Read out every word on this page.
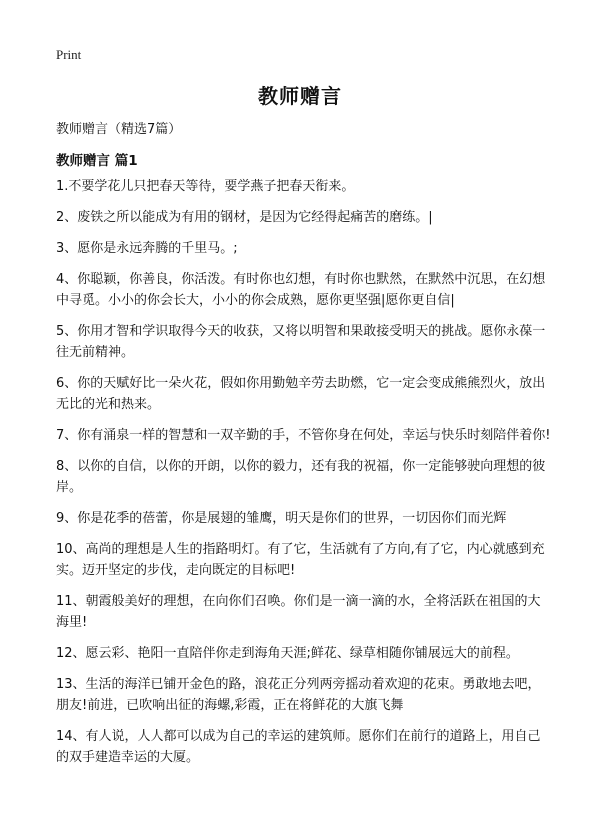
Print
教师赠言

教师赠言（精选7篇）

教师赠言 篇1
1.不要学花儿只把春天等待，要学燕子把春天衔来。
2、废铁之所以能成为有用的钢材，是因为它经得起痛苦的磨练。|
3、愿你是永远奔腾的千里马。;
4、你聪颖，你善良，你活泼。有时你也幻想，有时你也默然，在默然中沉思，在幻想中寻觅。小小的你会长大，小小的你会成熟，愿你更坚强|愿你更自信|
5、你用才智和学识取得今天的收获，又将以明智和果敢接受明天的挑战。愿你永葆一往无前精神。
6、你的天赋好比一朵火花，假如你用勤勉辛劳去助燃，它一定会变成熊熊烈火，放出无比的光和热来。
7、你有涌泉一样的智慧和一双辛勤的手，不管你身在何处，幸运与快乐时刻陪伴着你!
8、以你的自信，以你的开朗，以你的毅力，还有我的祝福，你一定能够驶向理想的彼岸。
9、你是花季的蓓蕾，你是展翅的雏鹰，明天是你们的世界，一切因你们而光辉
10、高尚的理想是人生的指路明灯。有了它，生活就有了方向,有了它，内心就感到充实。迈开坚定的步伐，走向既定的目标吧!
11、朝霞般美好的理想，在向你们召唤。你们是一滴一滴的水，全将活跃在祖国的大海里!
12、愿云彩、艳阳一直陪伴你走到海角天涯;鲜花、绿草相随你铺展远大的前程。
13、生活的海洋已铺开金色的路，浪花正分列两旁摇动着欢迎的花束。勇敢地去吧，朋友!前进，已吹响出征的海螺,彩霞，正在将鲜花的大旗飞舞
14、有人说，人人都可以成为自己的幸运的建筑师。愿你们在前行的道路上，用自己的双手建造幸运的大厦。
